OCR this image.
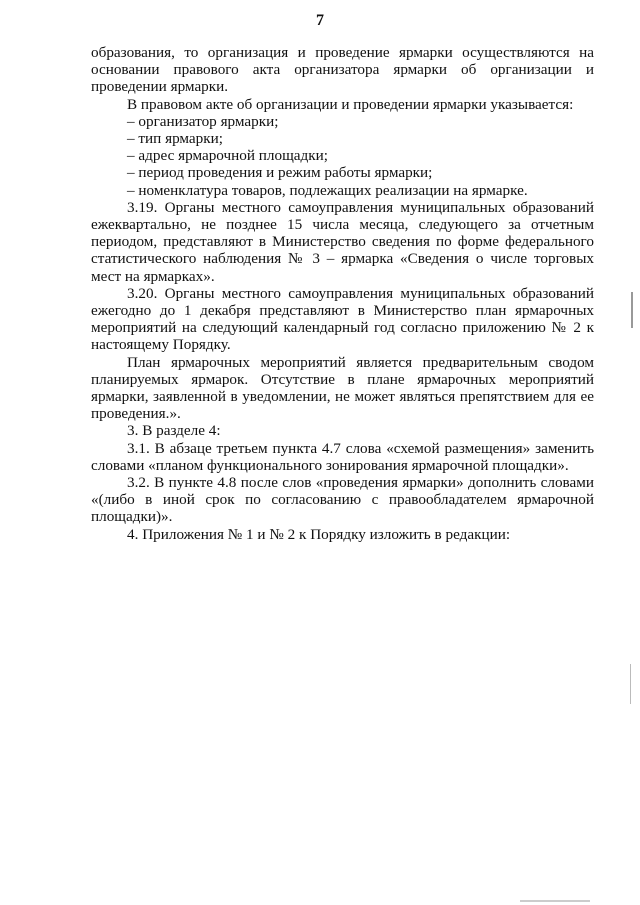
7

образования, то организация и проведение ярмарки осуществляются на основании правового акта организатора ярмарки об организации и проведении ярмарки.

В правовом акте об организации и проведении ярмарки указывается:

– организатор ярмарки;

– тип ярмарки;

– адрес ярмарочной площадки;

– период проведения и режим работы ярмарки;

– номенклатура товаров, подлежащих реализации на ярмарке.

3.19. Органы местного самоуправления муниципальных образований ежеквартально, не позднее 15 числа месяца, следующего за отчетным периодом, представляют в Министерство сведения по форме федерального статистического наблюдения № 3 – ярмарка «Сведения о числе торговых мест на ярмарках».

3.20. Органы местного самоуправления муниципальных образований ежегодно до 1 декабря представляют в Министерство план ярмарочных мероприятий на следующий календарный год согласно приложению № 2 к настоящему Порядку.

План ярмарочных мероприятий является предварительным сводом планируемых ярмарок. Отсутствие в плане ярмарочных мероприятий ярмарки, заявленной в уведомлении, не может являться препятствием для ее проведения.».

3. В разделе 4:

3.1. В абзаце третьем пункта 4.7 слова «схемой размещения» заменить словами «планом функционального зонирования ярмарочной площадки».

3.2. В пункте 4.8 после слов «проведения ярмарки» дополнить словами «(либо в иной срок по согласованию с правообладателем ярмарочной площадки)».

4. Приложения № 1 и № 2 к Порядку изложить в редакции:
